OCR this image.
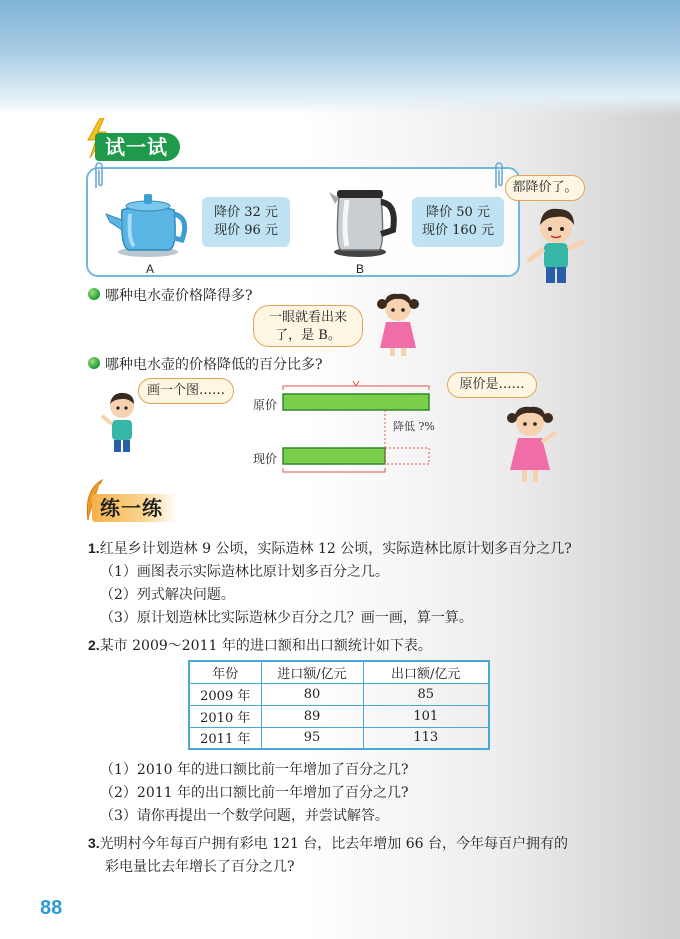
试一试
A
降价 32 元
现价 96 元
B
降价 50 元
现价 160 元
都降价了。
哪种电水壶价格降得多?
一眼就看出来
了，是 B。
哪种电水壶的价格降低的百分比多?
画一个图……	原价是……
原价
现价
降低 ?%
练一练
1.红星乡计划造林 9 公顷，实际造林 12 公顷，实际造林比原计划多百分之几?
（1）画图表示实际造林比原计划多百分之几。
（2）列式解决问题。
（3）原计划造林比实际造林少百分之几？画一画，算一算。
2.某市 2009～2011 年的进口额和出口额统计如下表。
年份	进口额/亿元	出口额/亿元
2009 年	80	85
2010 年	89	101
2011 年	95	113
（1）2010 年的进口额比前一年增加了百分之几?
（2）2011 年的出口额比前一年增加了百分之几?
（3）请你再提出一个数学问题，并尝试解答。
3.光明村今年每百户拥有彩电 121 台，比去年增加 66 台，今年每百户拥有的
彩电量比去年增长了百分之几?
88
